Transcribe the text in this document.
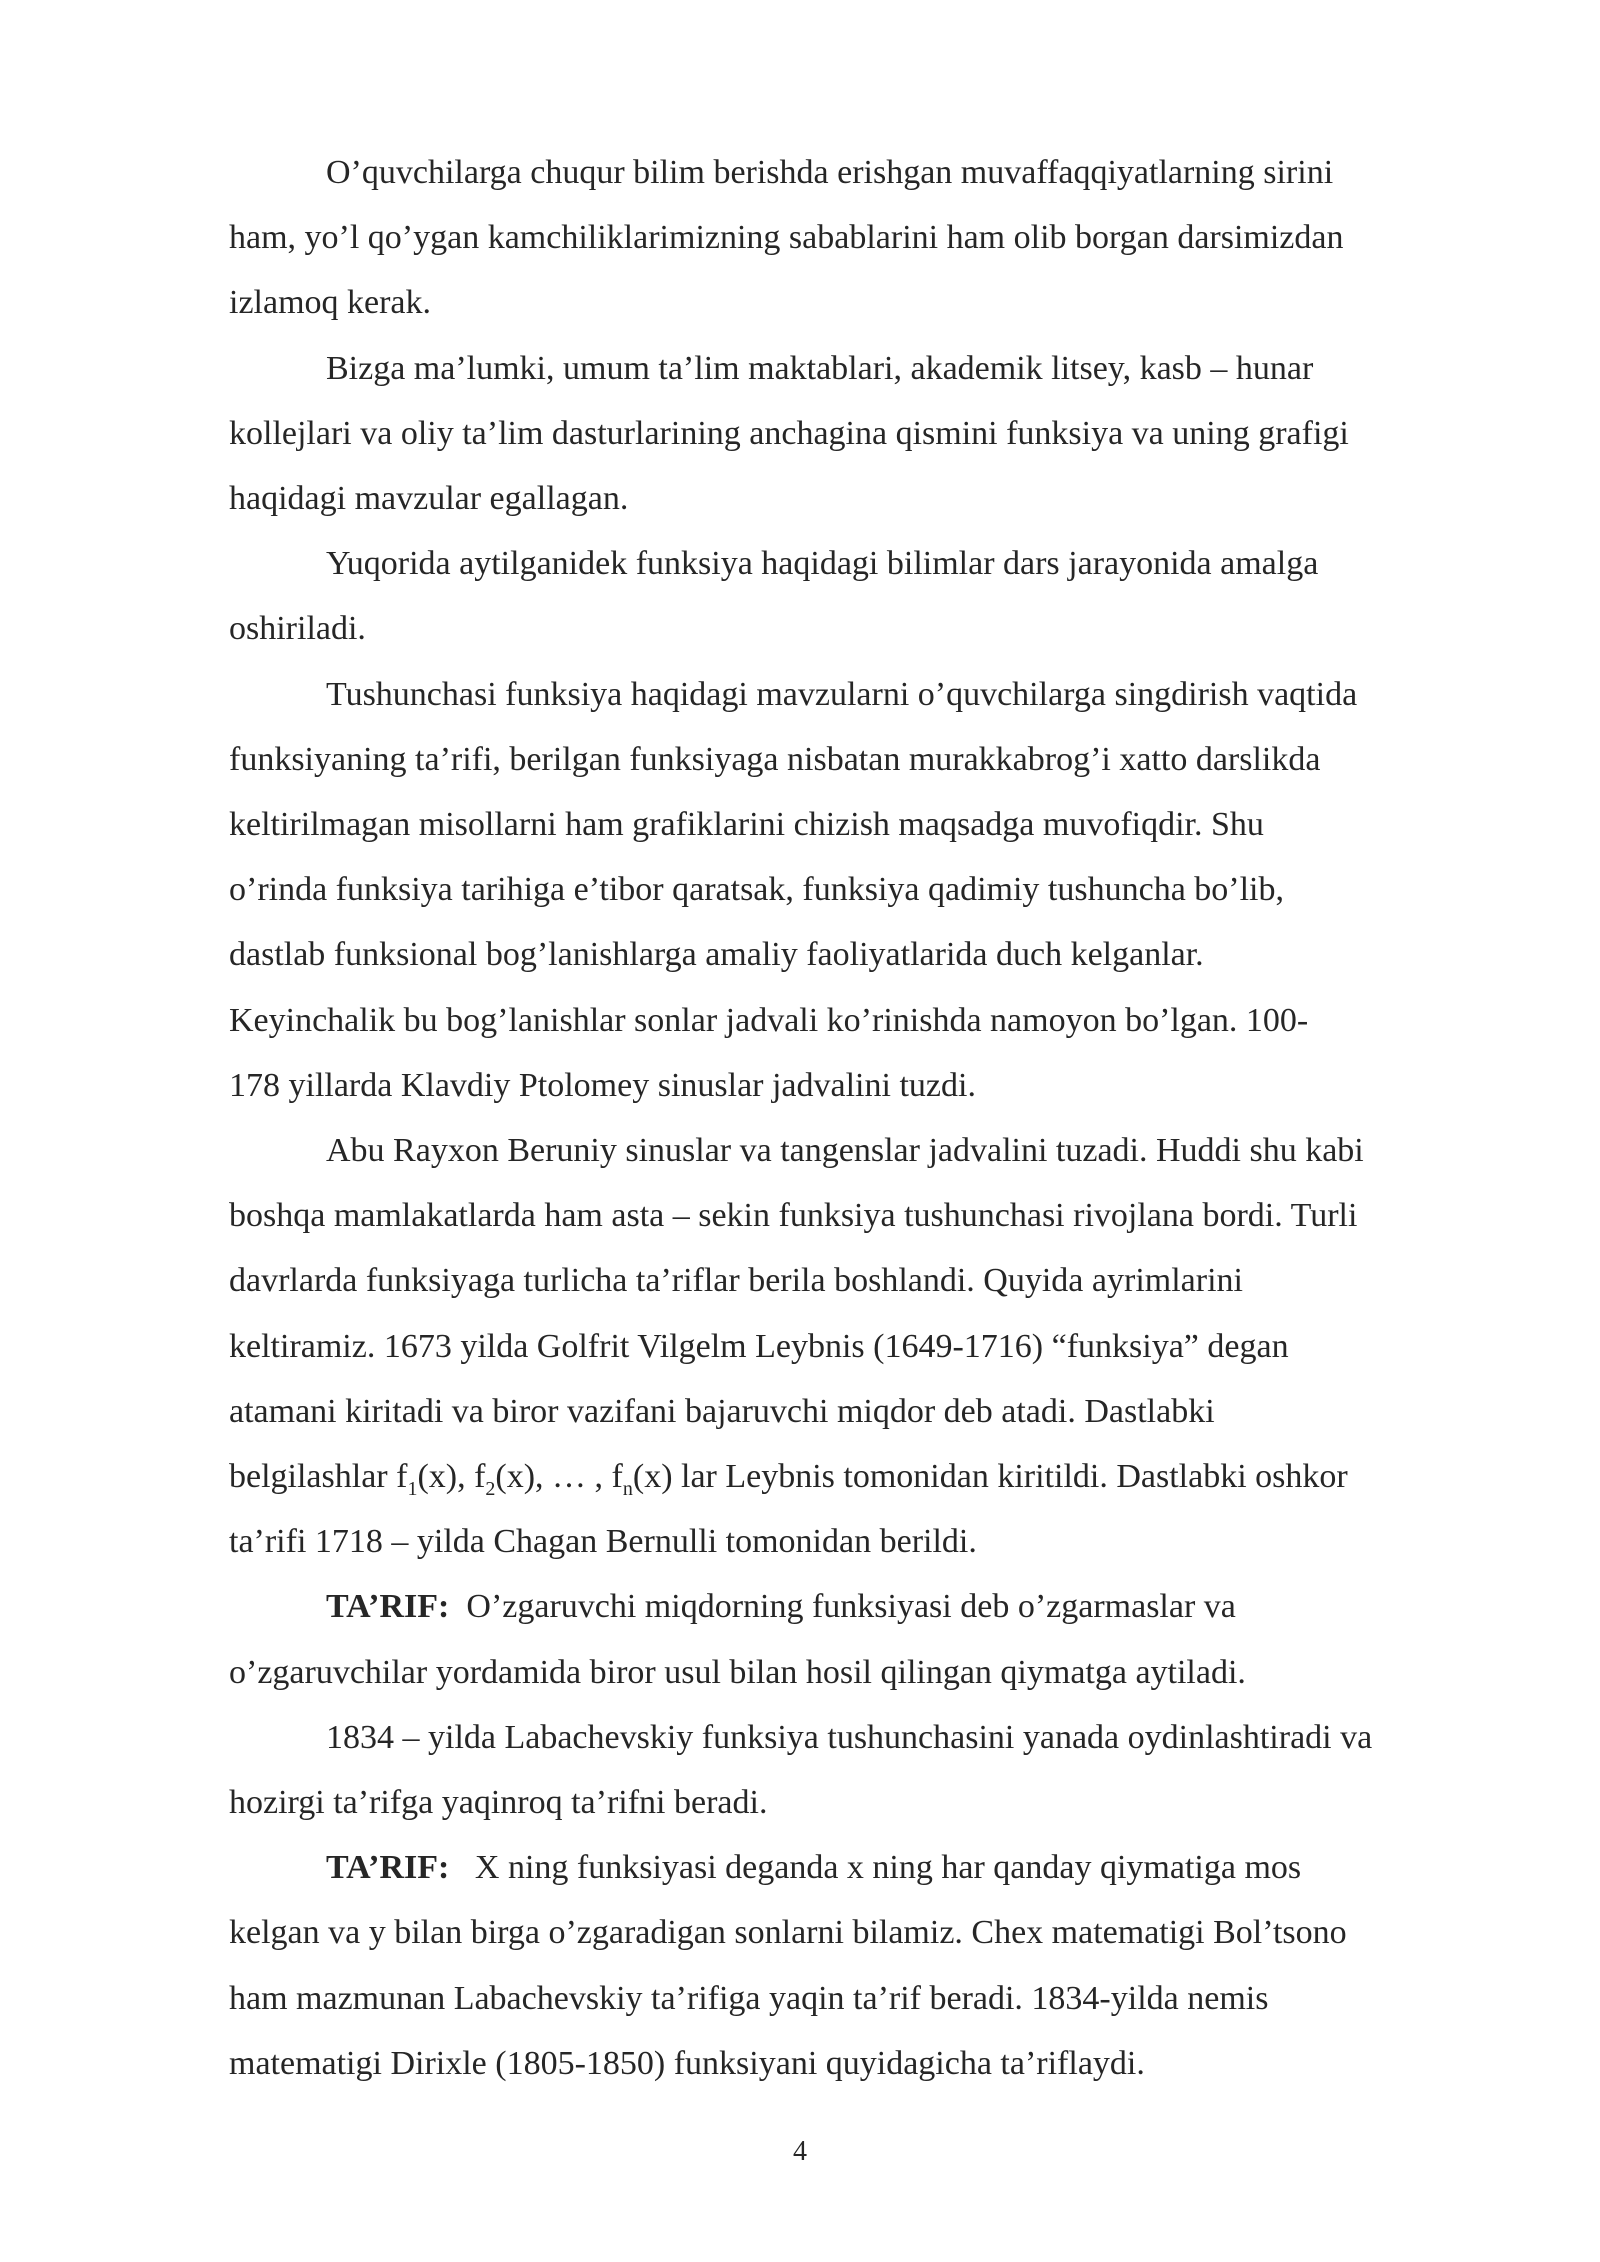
O’quvchilarga chuqur bilim berishda erishgan muvaffaqqiyatlarning sirini
ham, yo’l qo’ygan kamchiliklarimizning sabablarini ham olib borgan darsimizdan
izlamoq kerak.

Bizga ma’lumki, umum ta’lim maktablari, akademik litsey, kasb – hunar
kollejlari va oliy ta’lim dasturlarining anchagina qismini funksiya va uning grafigi
haqidagi mavzular egallagan.

Yuqorida aytilganidek funksiya haqidagi bilimlar dars jarayonida amalga
oshiriladi.

Tushunchasi funksiya haqidagi mavzularni o’quvchilarga singdirish vaqtida
funksiyaning ta’rifi, berilgan funksiyaga nisbatan murakkabrog’i xatto darslikda
keltirilmagan misollarni ham grafiklarini chizish maqsadga muvofiqdir. Shu
o’rinda funksiya tarihiga e’tibor qaratsak, funksiya qadimiy tushuncha bo’lib,
dastlab funksional bog’lanishlarga amaliy faoliyatlarida duch kelganlar.
Keyinchalik bu bog’lanishlar sonlar jadvali ko’rinishda namoyon bo’lgan. 100-
178 yillarda Klavdiy Ptolomey sinuslar jadvalini tuzdi.

Abu Rayxon Beruniy sinuslar va tangenslar jadvalini tuzadi. Huddi shu kabi
boshqa mamlakatlarda ham asta – sekin funksiya tushunchasi rivojlana bordi. Turli
davrlarda funksiyaga turlicha ta’riflar berila boshlandi. Quyida ayrimlarini
keltiramiz. 1673 yilda Golfrit Vilgelm Leybnis (1649-1716) “funksiya” degan
atamani kiritadi va biror vazifani bajaruvchi miqdor deb atadi. Dastlabki
belgilashlar $f_1(x)$, $f_2(x)$, … , $f_n(x)$ lar Leybnis tomonidan kiritildi. Dastlabki oshkor
ta’rifi 1718 – yilda Chagan Bernulli tomonidan berildi.

TA’RIF:  O’zgaruvchi miqdorning funksiyasi deb o’zgarmaslar va
o’zgaruvchilar yordamida biror usul bilan hosil qilingan qiymatga aytiladi.

1834 – yilda Labachevskiy funksiya tushunchasini yanada oydinlashtiradi va
hozirgi ta’rifga yaqinroq ta’rifni beradi.

TA’RIF:   X ning funksiyasi deganda x ning har qanday qiymatiga mos
kelgan va y bilan birga o’zgaradigan sonlarni bilamiz. Chex matematigi Bol’tsono
ham mazmunan Labachevskiy ta’rifiga yaqin ta’rif beradi. 1834-yilda nemis
matematigi Dirixle (1805-1850) funksiyani quyidagicha ta’riflaydi.

4
